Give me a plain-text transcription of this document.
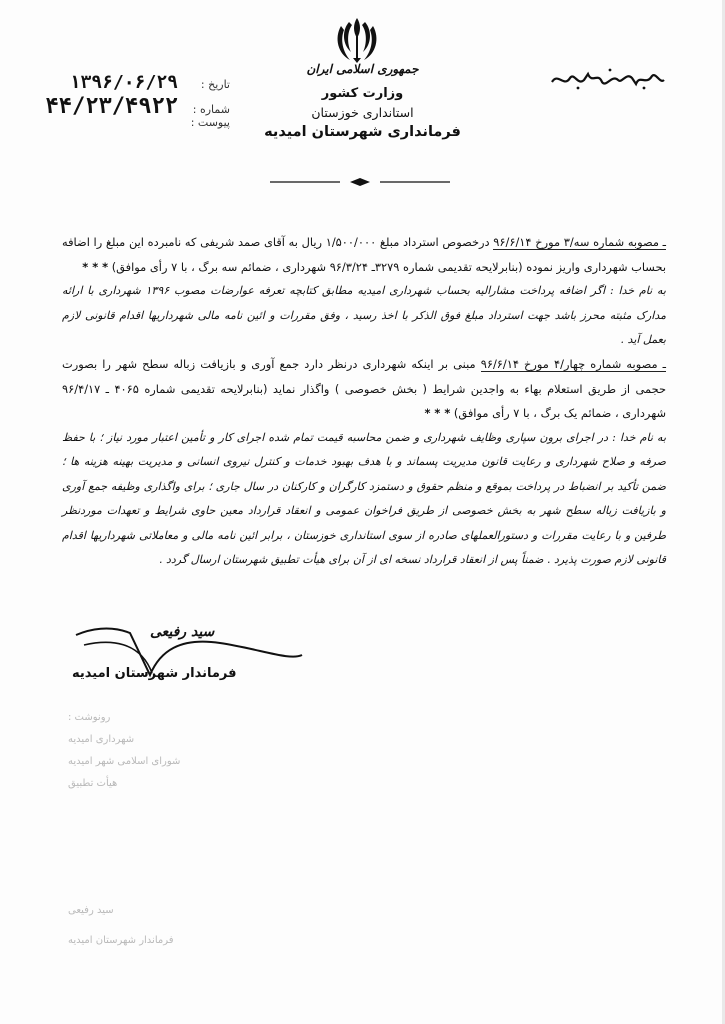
باسمه تعالی
جمهوری اسلامی ایران
وزارت کشور
استانداری خوزستان
فرمانداری شهرستان امیدیه
تاریخ :
۱۳۹۶/۰۶/۲۹
شماره :
۴۴/۲۳/۴۹۲۲
پیوست :

ـ مصوبه شماره سه/۳ مورخ ۹۶/۶/۱۴ درخصوص استرداد مبلغ ۱/۵۰۰/۰۰۰ ریال به آقای صمد شریفی که نامبرده این مبلغ را اضافه بحساب شهرداری واریز نموده (بنابرلایحه تقدیمی شماره ۳۲۷۹ـ ۹۶/۳/۲۴ شهرداری ، ضمائم سه برگ ، با ۷ رأی موافق) * * *

به نام خدا : اگر اضافه پرداخت مشارالیه بحساب شهرداری امیدیه مطابق کتابچه تعرفه عوارضات مصوب ۱۳۹۶ شهرداری با ارائه مدارک مثبته محرز باشد جهت استرداد مبلغ فوق الذکر با اخذ رسید ، وفق مقررات و ائین نامه مالی شهرداریها اقدام قانونی لازم بعمل آید .

ـ مصوبه شماره چهار/۴ مورخ ۹۶/۶/۱۴ مبنی بر اینکه شهرداری درنظر دارد جمع آوری و بازیافت زباله سطح شهر را بصورت حجمی از طریق استعلام بهاء به واجدین شرایط ( بخش خصوصی ) واگذار نماید (بنابرلایحه تقدیمی شماره ۴۰۶۵ ـ ۹۶/۴/۱۷ شهرداری ، ضمائم یک برگ ، با ۷ رأی موافق) * * *

به نام خدا : در اجرای برون سپاری وظایف شهرداری و ضمن محاسبه قیمت تمام شده اجرای کار و تأمین اعتبار مورد نیاز ؛ با حفظ صرفه و صلاح شهرداری و رعایت قانون مدیریت پسماند و با هدف بهبود خدمات و کنترل نیروی انسانی و مدیریت بهینه هزینه ها ؛ ضمن تأکید بر انضباط در پرداخت بموقع و منظم حقوق و دستمزد کارگران و کارکنان در سال جاری ؛ برای واگذاری وظیفه جمع آوری و بازیافت زباله سطح شهر به بخش خصوصی از طریق فراخوان عمومی و انعقاد قرارداد معین حاوی شرایط و تعهدات موردنظر طرفین و با رعایت مقررات و دستورالعملهای صادره از سوی استانداری خوزستان ، برابر ائین نامه مالی و معاملاتی شهرداریها اقدام قانونی لازم صورت پذیرد . ضمناً پس از انعقاد قرارداد نسخه ای از آن برای هیأت تطبیق شهرستان ارسال گردد .

سید رفیعی
فرماندار شهرستان امیدیه
رونوشت :
شهرداری امیدیه
شورای اسلامی شهر امیدیه
هیأت تطبیق
سید رفیعی
فرماندار شهرستان امیدیه
